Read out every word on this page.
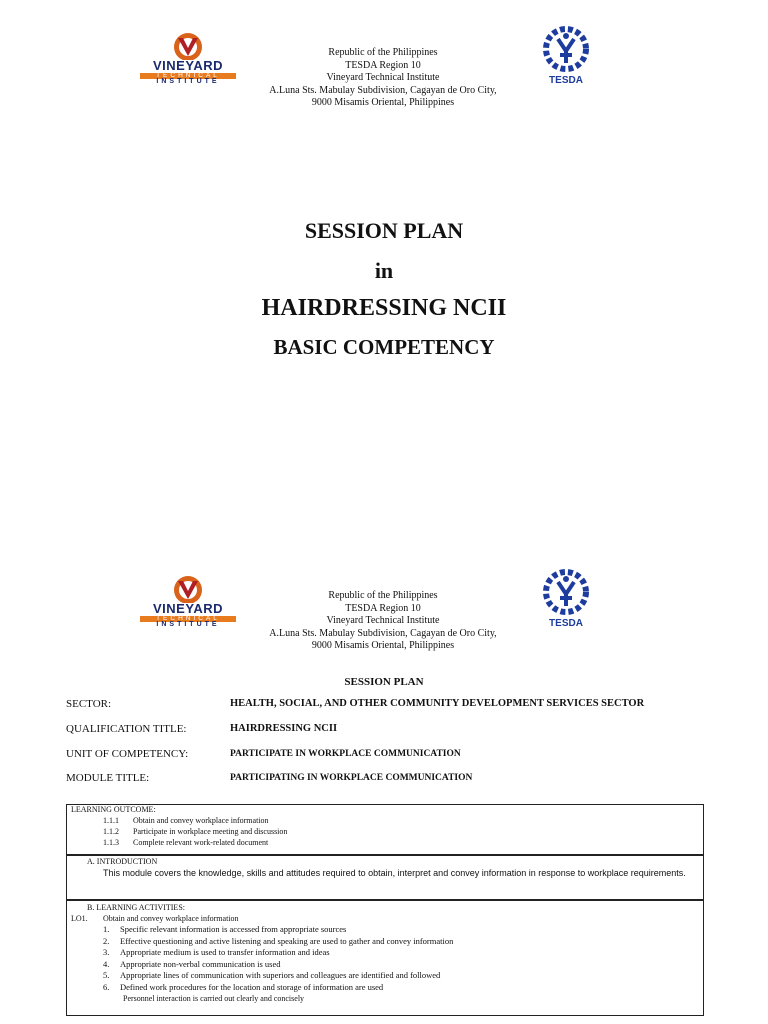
VINEYARD
TECHNICAL
INSTITUTE
Republic of the Philippines
TESDA Region 10
Vineyard Technical Institute
A.Luna Sts. Mabulay Subdivision, Cagayan de Oro City,
9000 Misamis Oriental, Philippines
TESDA
SESSION PLAN
in
HAIRDRESSING NCII
BASIC COMPETENCY
VINEYARD
TECHNICAL
INSTITUTE
Republic of the Philippines
TESDA Region 10
Vineyard Technical Institute
A.Luna Sts. Mabulay Subdivision, Cagayan de Oro City,
9000 Misamis Oriental, Philippines
TESDA
SESSION PLAN
SECTOR:	HEALTH, SOCIAL, AND OTHER COMMUNITY DEVELOPMENT SERVICES SECTOR
QUALIFICATION TITLE:	HAIRDRESSING NCII
UNIT OF COMPETENCY:	PARTICIPATE IN WORKPLACE COMMUNICATION
MODULE TITLE:	PARTICIPATING IN WORKPLACE COMMUNICATION
LEARNING OUTCOME:
1.1.1 Obtain and convey workplace information
1.1.2 Participate in workplace meeting and discussion
1.1.3 Complete relevant work-related document
A. INTRODUCTION
This module covers the knowledge, skills and attitudes required to obtain, interpret and convey information in response to workplace requirements.
B. LEARNING ACTIVITIES:
LO1. Obtain and convey workplace information
1. Specific relevant information is accessed from appropriate sources
2. Effective questioning and active listening and speaking are used to gather and convey information
3. Appropriate medium is used to transfer information and ideas
4. Appropriate non-verbal communication is used
5. Appropriate lines of communication with superiors and colleagues are identified and followed
6. Defined work procedures for the location and storage of information are used
Personnel interaction is carried out clearly and concisely
